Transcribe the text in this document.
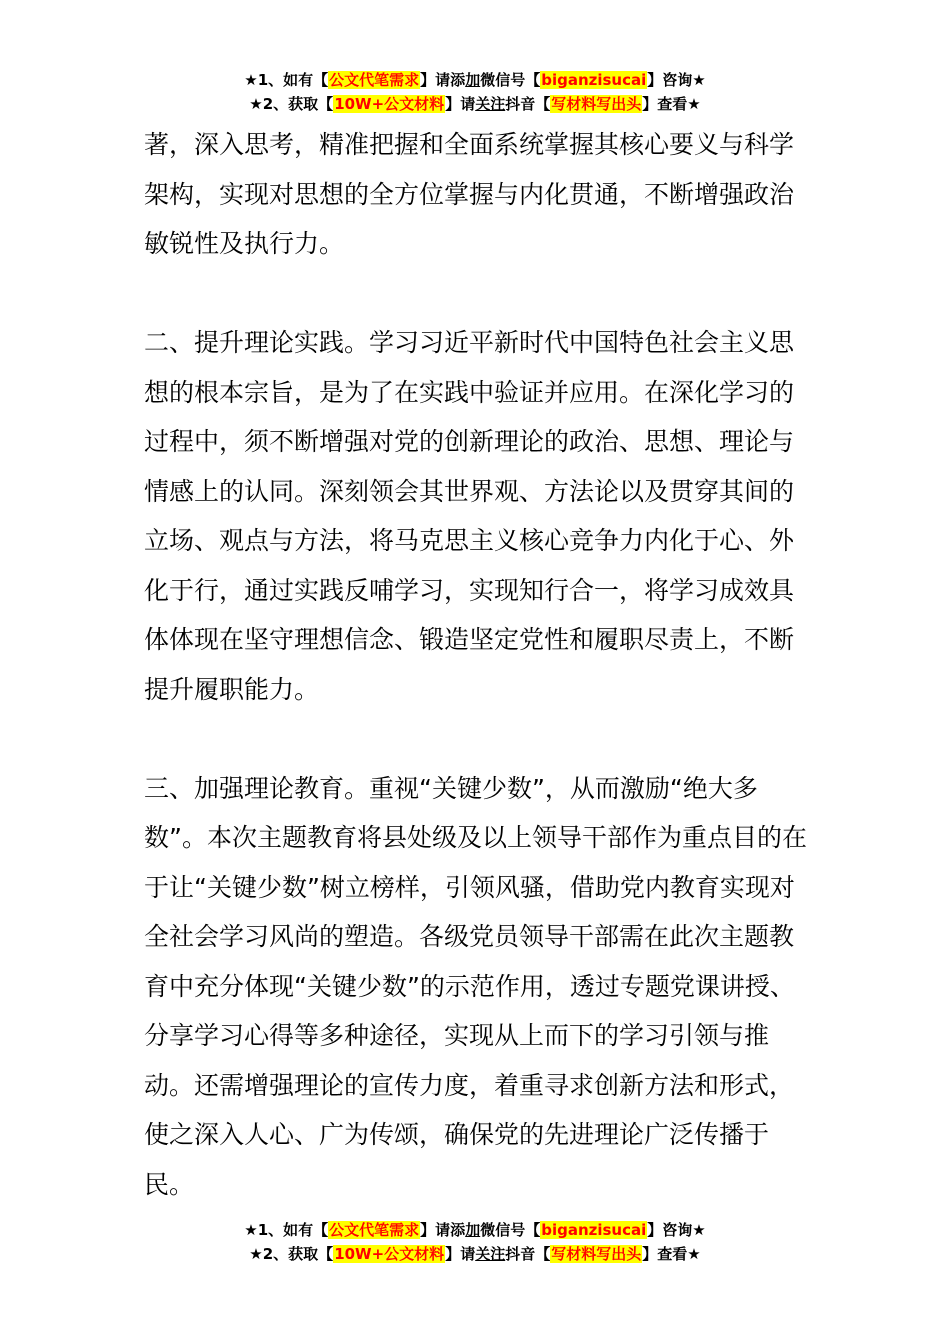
★1、如有【公文代笔需求】请添加微信号【biganzisucai】咨询★
★2、获取【10W+公文材料】请关注抖音【写材料写出头】查看★

著，深入思考，精准把握和全面系统掌握其核心要义与科学架构，实现对思想的全方位掌握与内化贯通，不断增强政治敏锐性及执行力。

二、提升理论实践。学习习近平新时代中国特色社会主义思想的根本宗旨，是为了在实践中验证并应用。在深化学习的过程中，须不断增强对党的创新理论的政治、思想、理论与情感上的认同。深刻领会其世界观、方法论以及贯穿其间的立场、观点与方法，将马克思主义核心竞争力内化于心、外化于行，通过实践反哺学习，实现知行合一，将学习成效具体体现在坚守理想信念、锻造坚定党性和履职尽责上，不断提升履职能力。

三、加强理论教育。重视“关键少数”，从而激励“绝大多数”。本次主题教育将县处级及以上领导干部作为重点目的在于让“关键少数”树立榜样，引领风骚，借助党内教育实现对全社会学习风尚的塑造。各级党员领导干部需在此次主题教育中充分体现“关键少数”的示范作用，透过专题党课讲授、分享学习心得等多种途径，实现从上而下的学习引领与推动。还需增强理论的宣传力度，着重寻求创新方法和形式，使之深入人心、广为传颂，确保党的先进理论广泛传播于民。

★1、如有【公文代笔需求】请添加微信号【biganzisucai】咨询★
★2、获取【10W+公文材料】请关注抖音【写材料写出头】查看★
